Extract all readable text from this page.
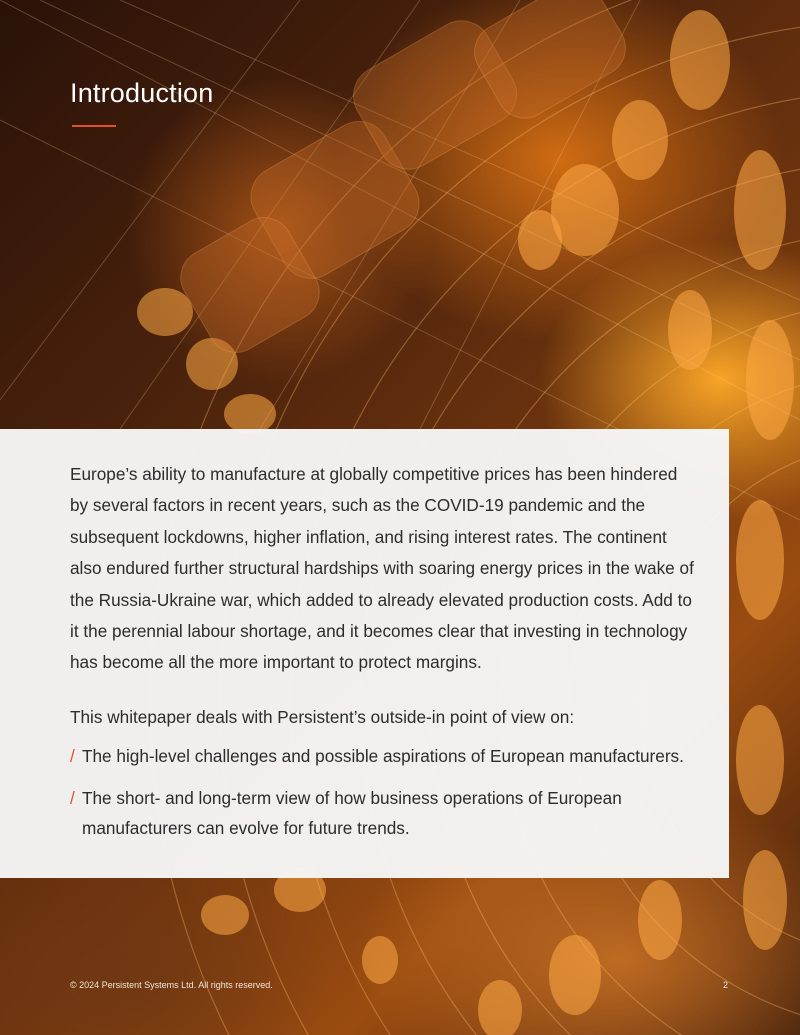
Introduction

Europe’s ability to manufacture at globally competitive prices has been hindered by several factors in recent years, such as the COVID-19 pandemic and the subsequent lockdowns, higher inflation, and rising interest rates. The continent also endured further structural hardships with soaring energy prices in the wake of the Russia-Ukraine war, which added to already elevated production costs. Add to it the perennial labour shortage, and it becomes clear that investing in technology has become all the more important to protect margins.

This whitepaper deals with Persistent’s outside-in point of view on:

/ The high-level challenges and possible aspirations of European manufacturers.
/ The short- and long-term view of how business operations of European manufacturers can evolve for future trends.
© 2024 Persistent Systems Ltd. All rights reserved.	2
